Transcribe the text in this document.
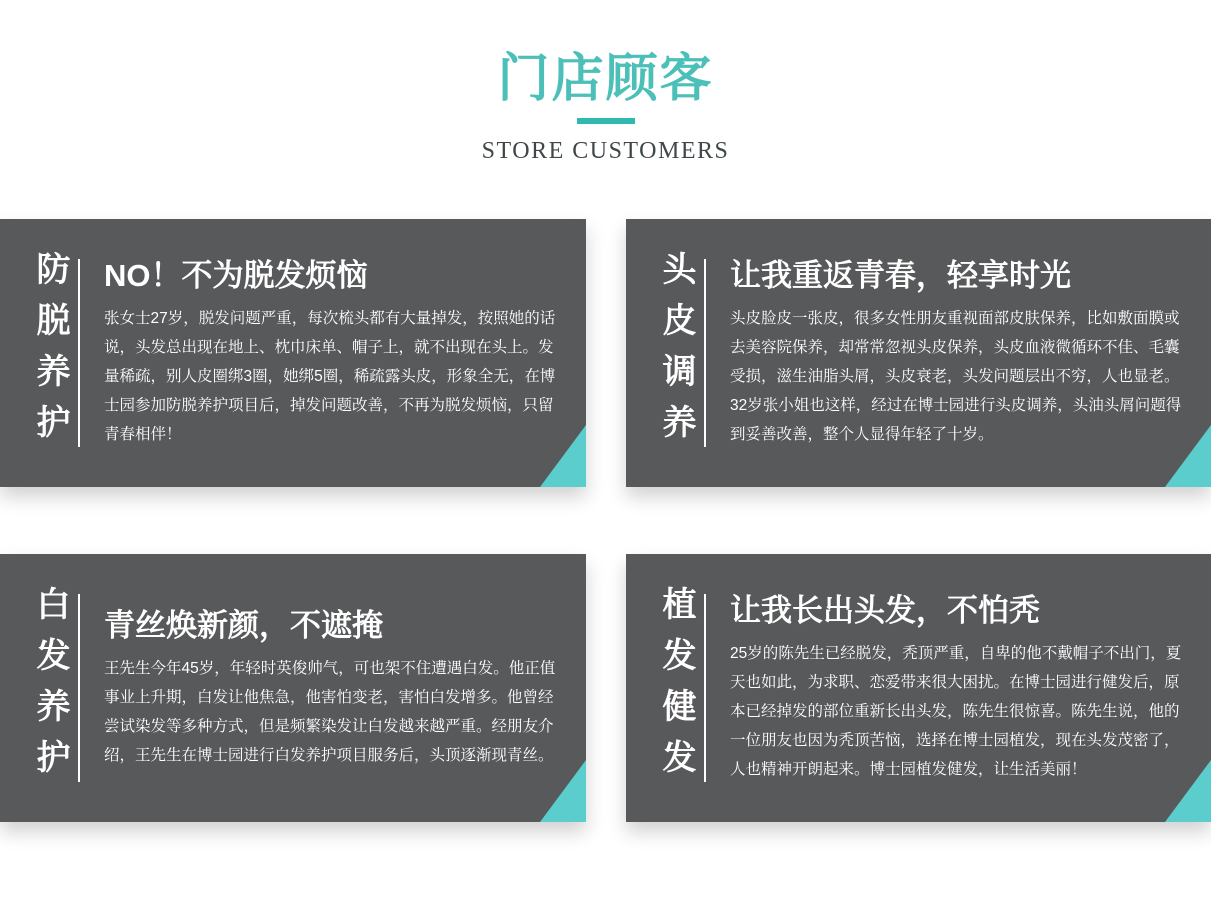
门店顾客
STORE CUSTOMERS
防脱养护 NO！不为脱发烦恼
张女士27岁，脱发问题严重，每次梳头都有大量掉发，按照她的话说，头发总出现在地上、枕巾床单、帽子上，就不出现在头上。发量稀疏，别人皮圈绑3圈，她绑5圈，稀疏露头皮，形象全无，在博士园参加防脱养护项目后，掉发问题改善，不再为脱发烦恼，只留青春相伴！	头皮调养 让我重返青春，轻享时光
头皮脸皮一张皮，很多女性朋友重视面部皮肤保养，比如敷面膜或去美容院保养，却常常忽视头皮保养，头皮血液微循环不佳、毛囊受损，滋生油脂头屑，头皮衰老，头发问题层出不穷，人也显老。32岁张小姐也这样，经过在博士园进行头皮调养，头油头屑问题得到妥善改善，整个人显得年轻了十岁。
白发养护 青丝焕新颜，不遮掩
王先生今年45岁，年轻时英俊帅气，可也架不住遭遇白发。他正值事业上升期，白发让他焦急，他害怕变老，害怕白发增多。他曾经尝试染发等多种方式，但是频繁染发让白发越来越严重。经朋友介绍，王先生在博士园进行白发养护项目服务后，头顶逐渐现青丝。	植发健发 让我长出头发，不怕秃
25岁的陈先生已经脱发，秃顶严重，自卑的他不戴帽子不出门，夏天也如此，为求职、恋爱带来很大困扰。在博士园进行健发后，原本已经掉发的部位重新长出头发，陈先生很惊喜。陈先生说，他的一位朋友也因为秃顶苦恼，选择在博士园植发，现在头发茂密了，人也精神开朗起来。博士园植发健发，让生活美丽！
